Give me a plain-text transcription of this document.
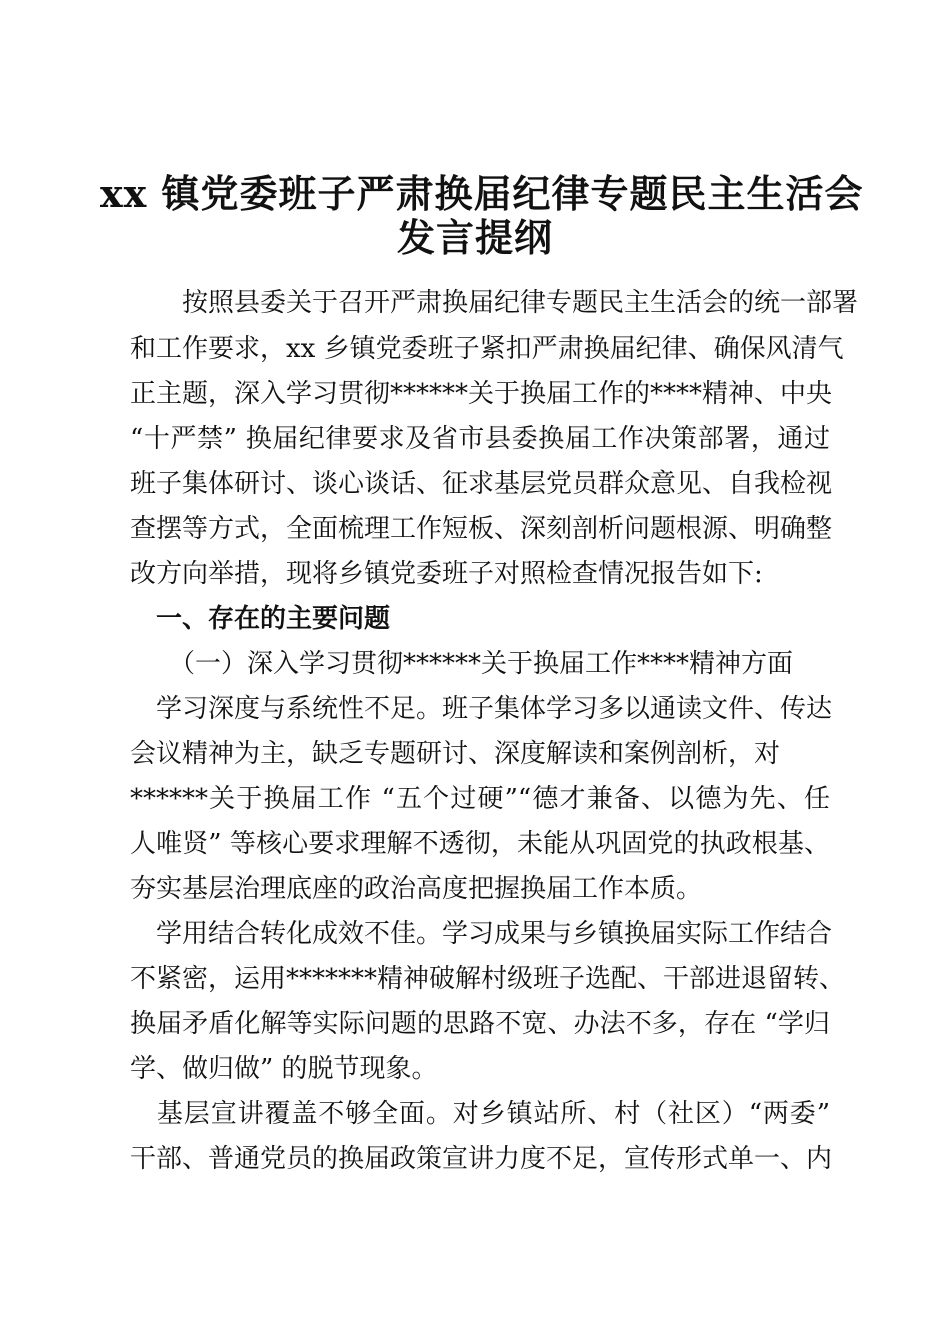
xx 镇党委班子严肃换届纪律专题民主生活会
发言提纲

　　按照县委关于召开严肃换届纪律专题民主生活会的统一部署

和工作要求，xx 乡镇党委班子紧扣严肃换届纪律、确保风清气

正主题，深入学习贯彻******关于换届工作的****精神、中央

“十严禁” 换届纪律要求及省市县委换届工作决策部署，通过

班子集体研讨、谈心谈话、征求基层党员群众意见、自我检视

查摆等方式，全面梳理工作短板、深刻剖析问题根源、明确整

改方向举措，现将乡镇党委班子对照检查情况报告如下:

　一、存在的主要问题

　　（一）深入学习贯彻******关于换届工作****精神方面

　学习深度与系统性不足。班子集体学习多以通读文件、传达

会议精神为主，缺乏专题研讨、深度解读和案例剖析，对

******关于换届工作 “五个过硬”“德才兼备、以德为先、任

人唯贤” 等核心要求理解不透彻，未能从巩固党的执政根基、

夯实基层治理底座的政治高度把握换届工作本质。

　学用结合转化成效不佳。学习成果与乡镇换届实际工作结合

不紧密，运用*******精神破解村级班子选配、干部进退留转、

换届矛盾化解等实际问题的思路不宽、办法不多，存在 “学归

学、做归做” 的脱节现象。

　基层宣讲覆盖不够全面。对乡镇站所、村（社区）“两委”

干部、普通党员的换届政策宣讲力度不足，宣传形式单一、内
